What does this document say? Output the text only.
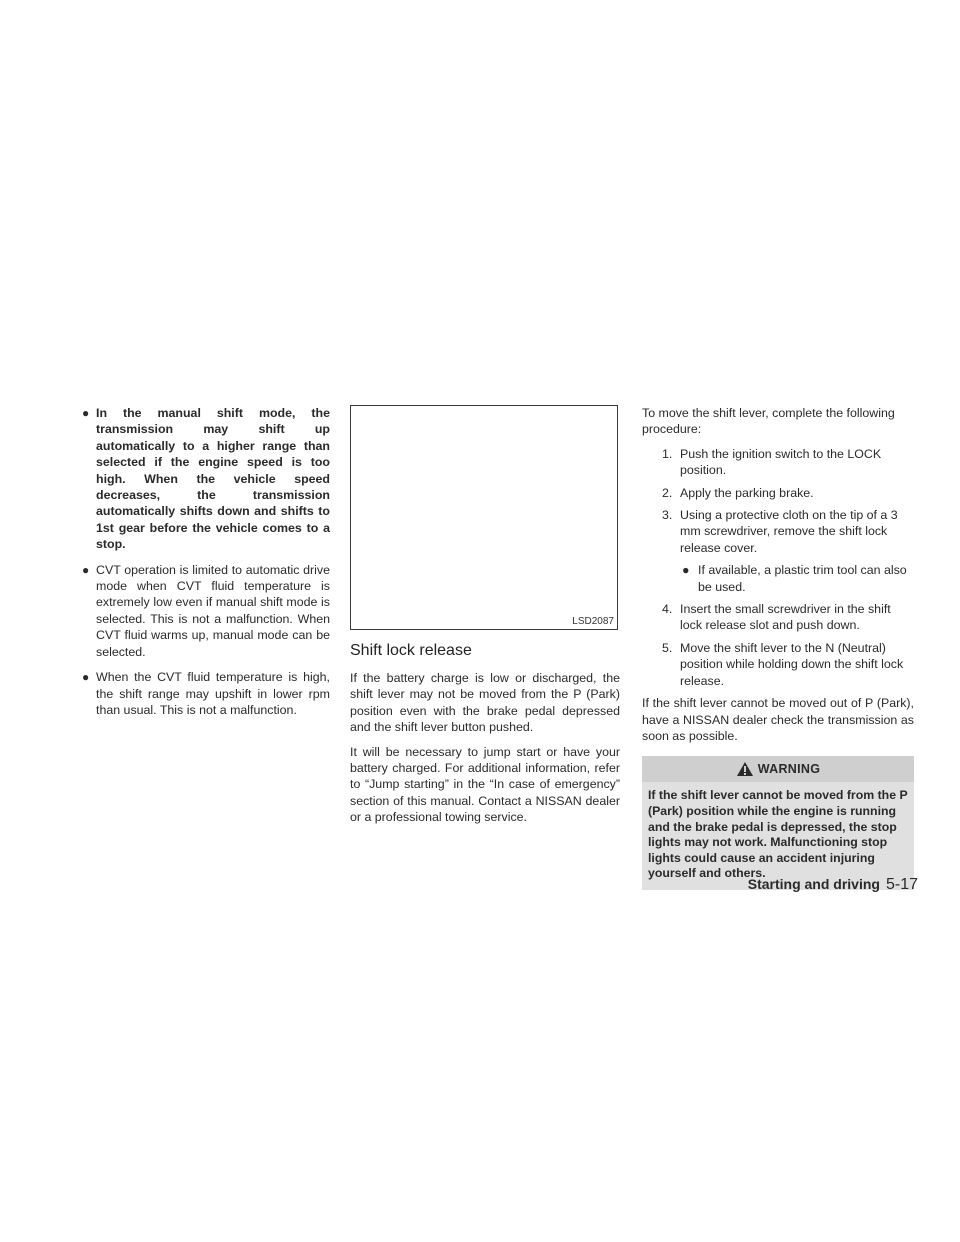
● In the manual shift mode, the transmission may shift up automatically to a higher range than selected if the engine speed is too high. When the vehicle speed decreases, the transmission automatically shifts down and shifts to 1st gear before the vehicle comes to a stop.
● CVT operation is limited to automatic drive mode when CVT fluid temperature is extremely low even if manual shift mode is selected. This is not a malfunction. When CVT fluid warms up, manual mode can be selected.
● When the CVT fluid temperature is high, the shift range may upshift in lower rpm than usual. This is not a malfunction.
LSD2087
Shift lock release

If the battery charge is low or discharged, the shift lever may not be moved from the P (Park) position even with the brake pedal depressed and the shift lever button pushed.

It will be necessary to jump start or have your battery charged. For additional information, refer to “Jump starting” in the “In case of emergency” section of this manual. Contact a NISSAN dealer or a professional towing service.

To move the shift lever, complete the following procedure:

1. Push the ignition switch to the LOCK position.
2. Apply the parking brake.
3. Using a protective cloth on the tip of a 3 mm screwdriver, remove the shift lock release cover.
● If available, a plastic trim tool can also be used.
4. Insert the small screwdriver in the shift lock release slot and push down.
5. Move the shift lever to the N (Neutral) position while holding down the shift lock release.

If the shift lever cannot be moved out of P (Park), have a NISSAN dealer check the transmission as soon as possible.

WARNING
If the shift lever cannot be moved from the P (Park) position while the engine is running and the brake pedal is depressed, the stop lights may not work. Malfunctioning stop lights could cause an accident injuring yourself and others.
Starting and driving 5-17
